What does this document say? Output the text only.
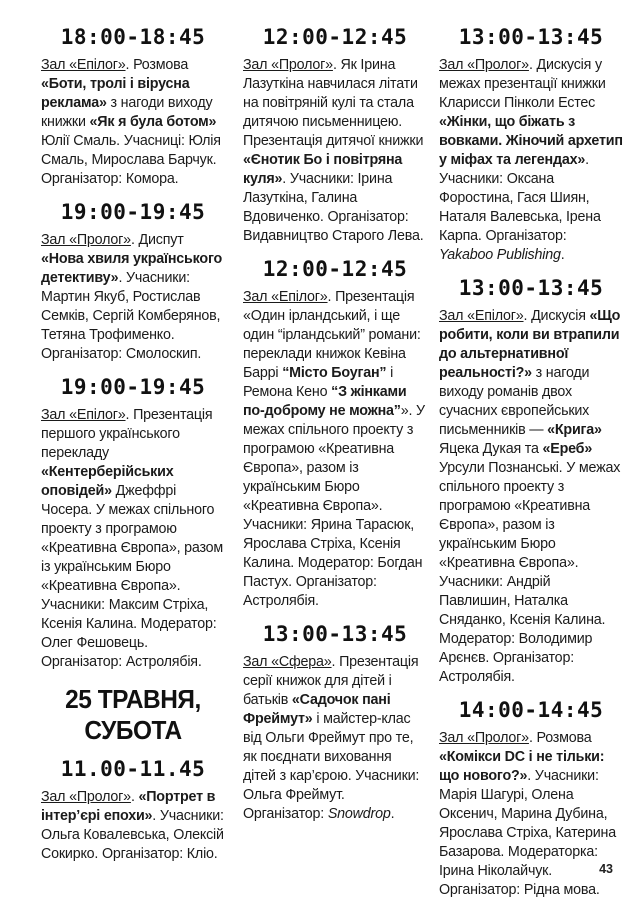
18:00-18:45

Зал «Епілог». Розмова «Боти, тролі і вірусна реклама» з нагоди виходу книжки «Як я була ботом» Юлії Смаль. Учасниці: Юлія Смаль, Мирослава Барчук. Організатор: Комора.

19:00-19:45

Зал «Пролог». Диспут «Нова хвиля українського детективу». Учасники: Мартин Якуб, Ростислав Семків, Сергій Комберянов, Тетяна Трофименко. Організатор: Смолоскип.

19:00-19:45

Зал «Епілог». Презентація першого українського перекладу «Кентерберійських оповідей» Джеффрі Чосера. У межах спільного проекту з програмою «Креативна Європа», разом із українським Бюро «Креативна Європа». Учасники: Максим Стріха, Ксенія Калина. Модератор: Олег Фешовець. Організатор: Астролябія.

25 ТРАВНЯ,
СУБОТА
11.00-11.45

Зал «Пролог». «Портрет в інтер’єрі епохи». Учасники: Ольга Ковалевська, Олексій Сокирко. Організатор: Кліо.

12:00-12:45

Зал «Пролог». Як Ірина Лазуткіна навчилася літати на повітряній кулі та стала дитячою письменницею. Презентація дитячої книжки «Єнотик Бо і повітряна куля». Учасники: Ірина Лазуткіна, Галина Вдовиченко. Організатор: Видавництво Старого Лева.

12:00-12:45

Зал «Епілог». Презентація «Один ірландський, і ще один “ірландський” романи: переклади книжок Кевіна Баррі “Місто Боуган” і Ремона Кено “З жінками по-доброму не можна”». У межах спільного проекту з програмою «Креативна Європа», разом із українським Бюро «Креативна Європа». Учасники: Ярина Тарасюк, Ярослава Стріха, Ксенія Калина. Модератор: Богдан Пастух. Організатор: Астролябія.

13:00-13:45

Зал «Сфера». Презентація серії книжок для дітей і батьків «Садочок пані Фреймут» і майстер-клас від Ольги Фреймут про те, як поєднати виховання дітей з кар’єрою. Учасники: Ольга Фреймут. Організатор: Snowdrop.

13:00-13:45

Зал «Пролог». Дискусія у межах презентації книжки Кларисси Пінколи Естес «Жінки, що біжать з вовками. Жіночий архетип у міфах та легендах». Учасники: Оксана Форостина, Гася Шиян, Наталя Валевська, Ірена Карпа. Організатор: Yakaboo Publishing.

13:00-13:45

Зал «Епілог». Дискусія «Що робити, коли ви втрапили до альтернативної реальності?» з нагоди виходу романів двох сучасних європейських письменників — «Крига» Яцека Дукая та «Ереб» Урсули Познанські. У межах спільного проекту з програмою «Креативна Європа», разом із українським Бюро «Креативна Європа». Учасники: Андрій Павлишин, Наталка Сняданко, Ксенія Калина. Модератор: Володимир Арєнєв. Організатор: Астролябія.

14:00-14:45

Зал «Пролог». Розмова «Комікси DC і не тільки: що нового?». Учасники: Марія Шагурі, Олена Оксенич, Марина Дубина, Ярослава Стріха, Катерина Базарова. Модераторка: Ірина Ніколайчук. Організатор: Рідна мова.

43
